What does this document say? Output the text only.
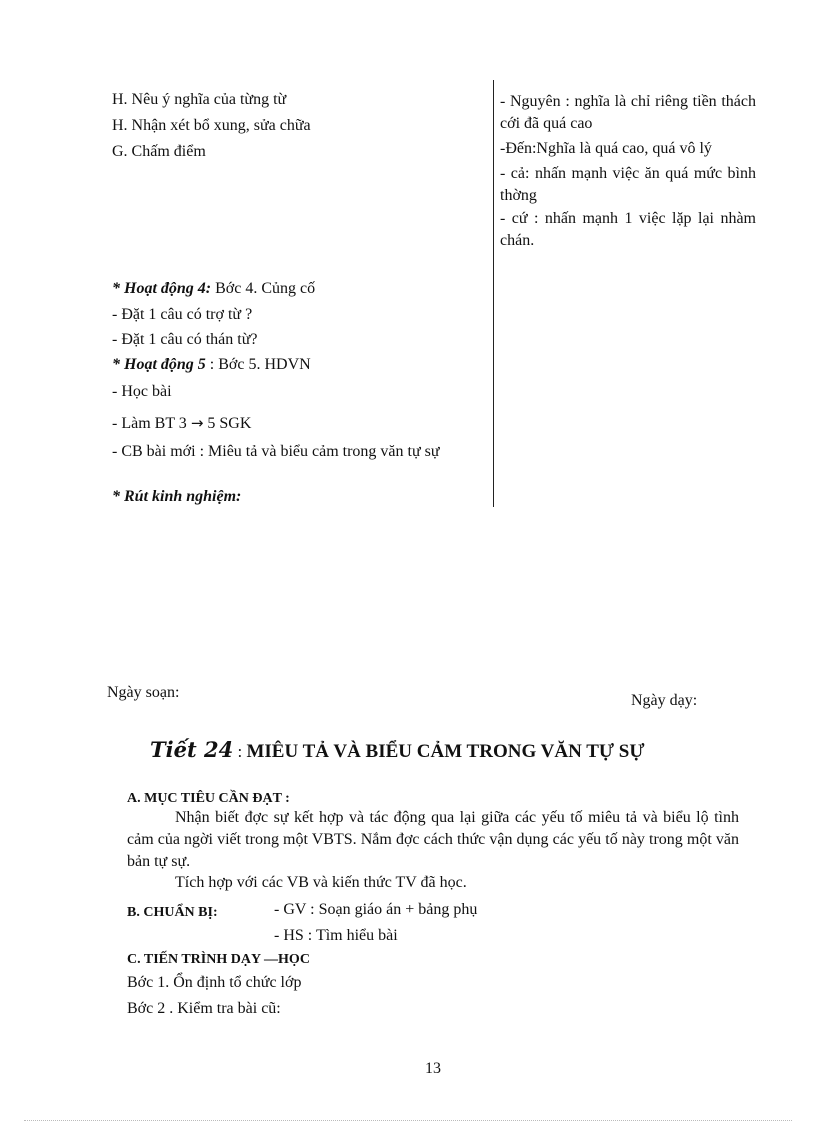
H. Nêu ý nghĩa của từng từ
H. Nhận xét bổ xung, sửa chữa
G. Chấm điểm
* Hoạt động 4: Bớc 4. Củng cố
- Đặt 1 câu có trợ từ ?
- Đặt 1 câu có thán từ?
* Hoạt động 5 : Bớc 5. HDVN
- Học bài
- Làm BT 3 → 5 SGK
- CB bài mới : Miêu tả và biểu cảm trong văn tự sự
* Rút kinh nghiệm:
- Nguyên : nghĩa là chỉ riêng tiền thách cới đã quá cao
-Đến:Nghĩa là quá cao, quá vô lý
- cả: nhấn mạnh việc ăn quá mức bình thờng
- cứ : nhấn mạnh 1 việc lặp lại nhàm chán.
Ngày soạn:	Ngày dạy:
Tiết 24 : MIÊU TẢ VÀ BIỂU CẢM TRONG VĂN TỰ SỰ
A. MỤC TIÊU CẦN ĐẠT :
Nhận biết đợc sự kết hợp và tác động qua lại giữa các yếu tố miêu tả và biểu lộ tình cảm của ngời viết trong một VBTS. Nắm đợc cách thức vận dụng các yếu tố này trong một văn bản tự sự.
Tích hợp với các VB và kiến thức TV đã học.
B. CHUẨN BỊ:	- GV : Soạn giáo án + bảng phụ
- HS : Tìm hiểu bài
C. TIẾN TRÌNH DẠY —HỌC
Bớc 1. Ổn định tổ chức lớp
Bớc 2 . Kiểm tra bài cũ:
13
